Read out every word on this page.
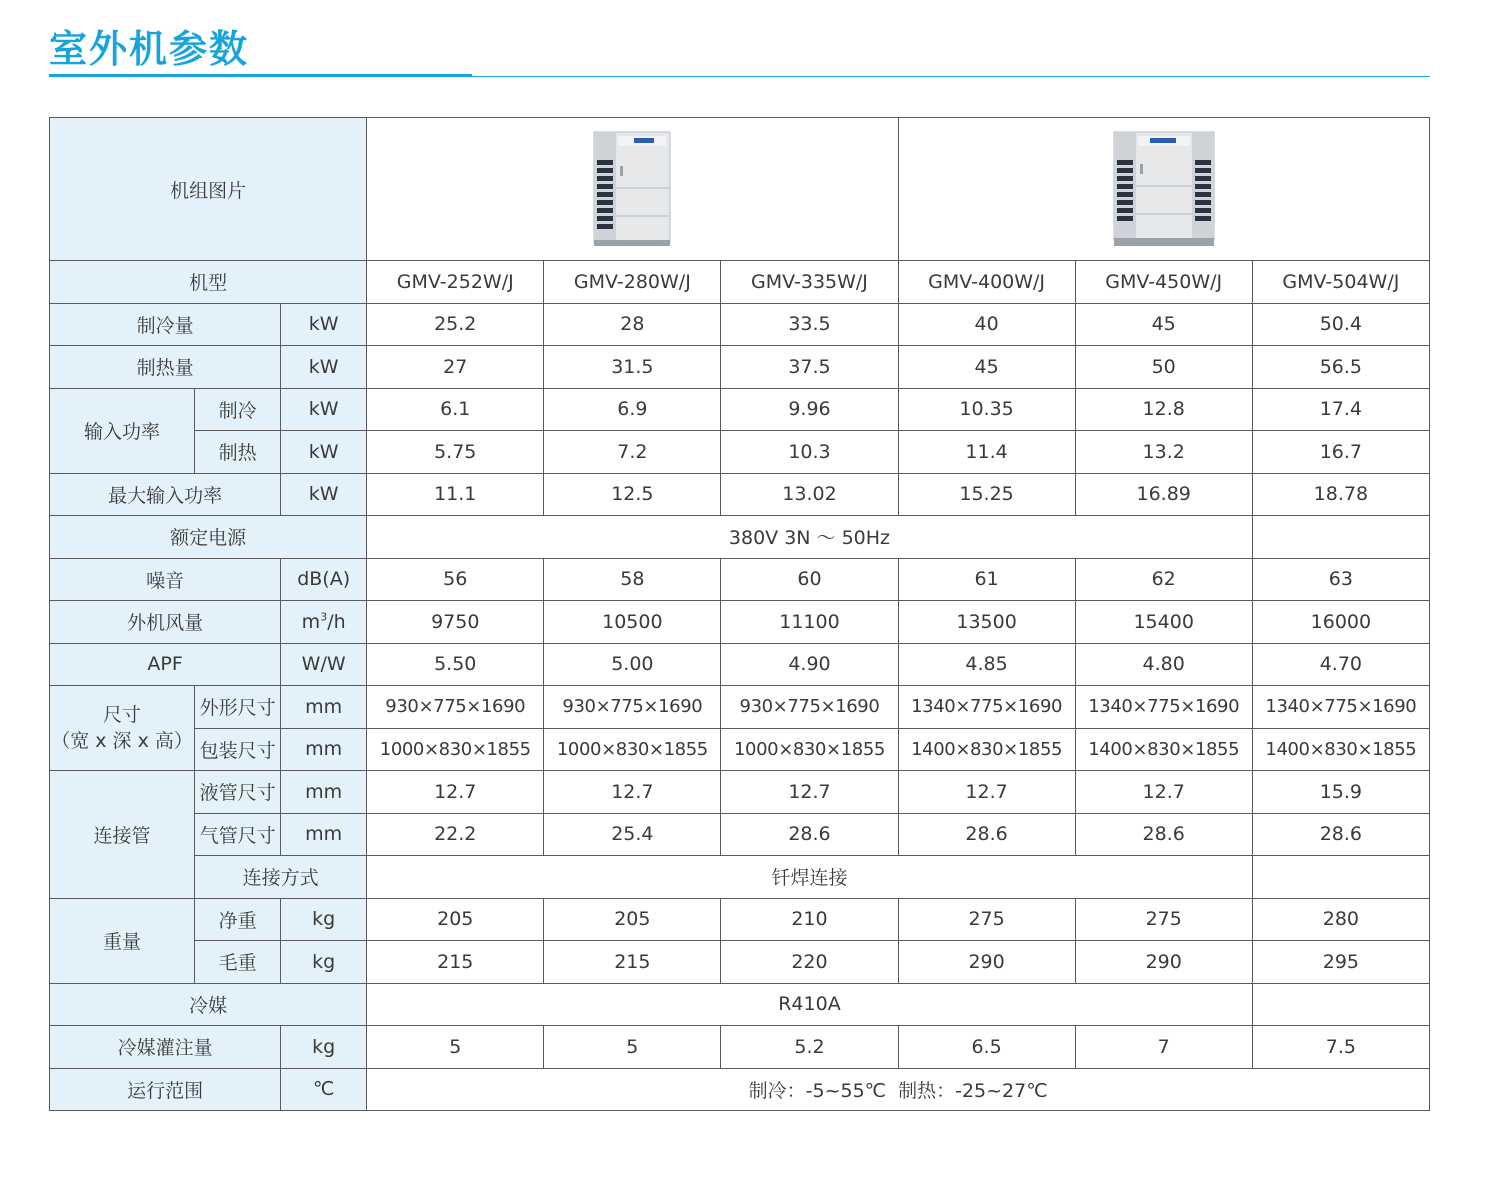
室外机参数
机组图片	

机型			GMV-252W/J	GMV-280W/J	GMV-335W/J	GMV-400W/J	GMV-450W/J	GMV-504W/J
制冷量		kW	25.2	28	33.5	40	45	50.4
制热量		kW	27	31.5	37.5	45	50	56.5
输入功率	制冷	kW	6.1	6.9	9.96	10.35	12.8	17.4
	制热	kW	5.75	7.2	10.3	11.4	13.2	16.7
最大输入功率		kW	11.1	12.5	13.02	15.25	16.89	18.78
额定电源			380V 3N ～ 50Hz					
噪音		dB(A)	56	58	60	61	62	63
外机风量		$m^3/h$	9750	10500	11100	13500	15400	16000
APF		W/W	5.50	5.00	4.90	4.85	4.80	4.70

尺寸
（宽 x 深 x 高）	外形尺寸	mm	930×775×1690	930×775×1690	930×775×1690	1340×775×1690	1340×775×1690	1340×775×1690
	包装尺寸	mm	1000×830×1855	1000×830×1855	1000×830×1855	1400×830×1855	1400×830×1855	1400×830×1855
连接管	液管尺寸	mm	12.7	12.7	12.7	12.7	12.7	15.9
	气管尺寸	mm	22.2	25.4	28.6	28.6	28.6	28.6
	连接方式		钎焊连接					
重量	净重	kg	205	205	210	275	275	280
	毛重	kg	215	215	220	290	290	295
冷媒			R410A					
冷媒灌注量		kg	5	5	5.2	6.5	7	7.5
运行范围		℃	制冷：-5~55℃  制热：-25~27℃					
